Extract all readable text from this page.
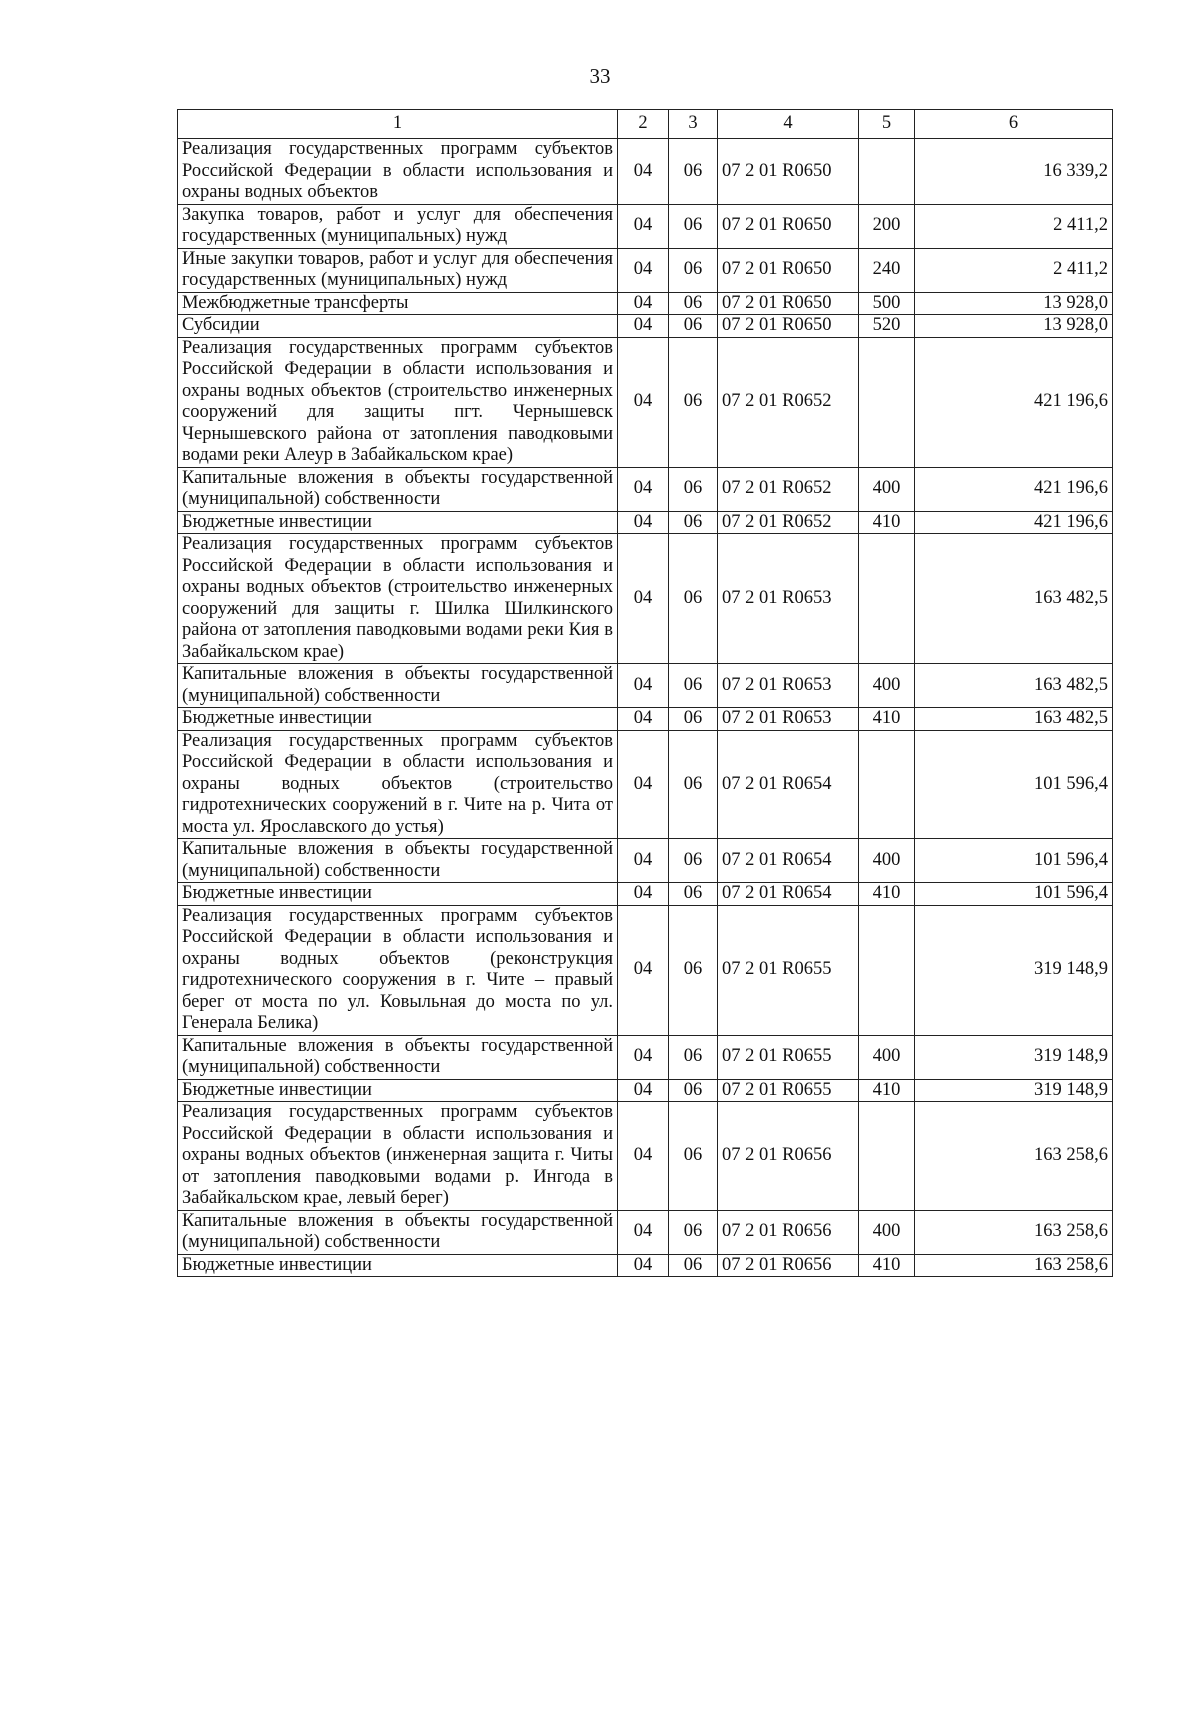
33
1	2	3	4	5	6
Реализация государственных программ субъектов Российской Федерации в области использования и охраны водных объектов	04	06	07 2 01 R0650		16 339,2
Закупка товаров, работ и услуг для обеспечения государственных (муниципальных) нужд	04	06	07 2 01 R0650	200	2 411,2
Иные закупки товаров, работ и услуг для обеспечения государственных (муниципальных) нужд	04	06	07 2 01 R0650	240	2 411,2
Межбюджетные трансферты	04	06	07 2 01 R0650	500	13 928,0
Субсидии	04	06	07 2 01 R0650	520	13 928,0
Реализация государственных программ субъектов Российской Федерации в области использования и охраны водных объектов (строительство инженерных сооружений для защиты пгт. Чернышевск Чернышевского района от затопления паводковыми водами реки Алеур в Забайкальском крае)	04	06	07 2 01 R0652		421 196,6
Капитальные вложения в объекты государственной (муниципальной) собственности	04	06	07 2 01 R0652	400	421 196,6
Бюджетные инвестиции	04	06	07 2 01 R0652	410	421 196,6
Реализация государственных программ субъектов Российской Федерации в области использования и охраны водных объектов (строительство инженерных сооружений для защиты г. Шилка Шилкинского района от затопления паводковыми водами реки Кия в Забайкальском крае)	04	06	07 2 01 R0653		163 482,5
Капитальные вложения в объекты государственной (муниципальной) собственности	04	06	07 2 01 R0653	400	163 482,5
Бюджетные инвестиции	04	06	07 2 01 R0653	410	163 482,5
Реализация государственных программ субъектов Российской Федерации в области использования и охраны водных объектов (строительство гидротехнических сооружений в г. Чите на р. Чита от моста ул. Ярославского до устья)	04	06	07 2 01 R0654		101 596,4
Капитальные вложения в объекты государственной (муниципальной) собственности	04	06	07 2 01 R0654	400	101 596,4
Бюджетные инвестиции	04	06	07 2 01 R0654	410	101 596,4
Реализация государственных программ субъектов Российской Федерации в области использования и охраны водных объектов (реконструкция гидротехнического сооружения в г. Чите – правый берег от моста по ул. Ковыльная до моста по ул. Генерала Белика)	04	06	07 2 01 R0655		319 148,9
Капитальные вложения в объекты государственной (муниципальной) собственности	04	06	07 2 01 R0655	400	319 148,9
Бюджетные инвестиции	04	06	07 2 01 R0655	410	319 148,9
Реализация государственных программ субъектов Российской Федерации в области использования и охраны водных объектов (инженерная защита г. Читы от затопления паводковыми водами р. Ингода в Забайкальском крае, левый берег)	04	06	07 2 01 R0656		163 258,6
Капитальные вложения в объекты государственной (муниципальной) собственности	04	06	07 2 01 R0656	400	163 258,6
Бюджетные инвестиции	04	06	07 2 01 R0656	410	163 258,6
